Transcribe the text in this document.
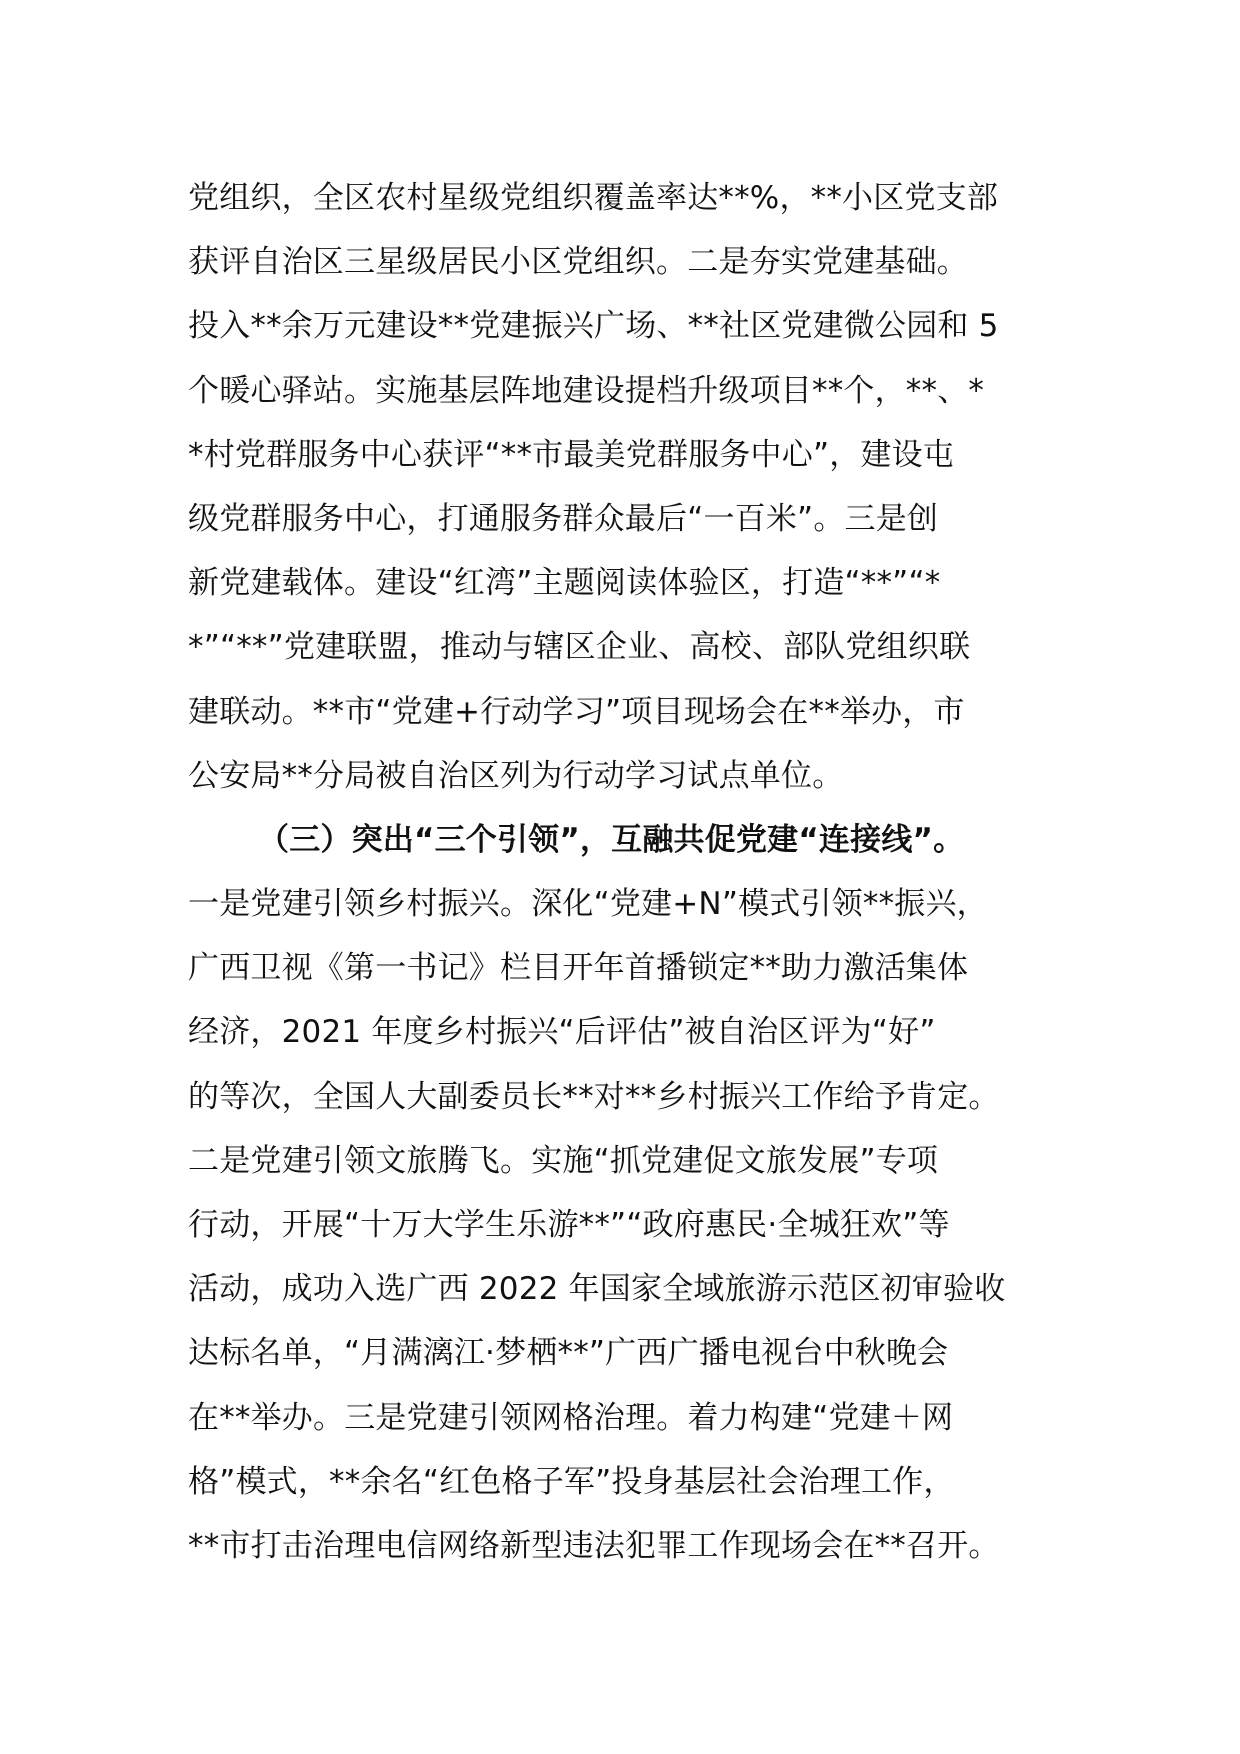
党组织，全区农村星级党组织覆盖率达**%，**小区党支部
获评自治区三星级居民小区党组织。二是夯实党建基础。
投入**余万元建设**党建振兴广场、**社区党建微公园和 5
个暖心驿站。实施基层阵地建设提档升级项目**个，**、*
*村党群服务中心获评“**市最美党群服务中心”，建设屯
级党群服务中心，打通服务群众最后“一百米”。三是创
新党建载体。建设“红湾”主题阅读体验区，打造“**”“*
*”“**”党建联盟，推动与辖区企业、高校、部队党组织联
建联动。**市“党建+行动学习”项目现场会在**举办，市
公安局**分局被自治区列为行动学习试点单位。
（三）突出“三个引领”，互融共促党建“连接线”。
一是党建引领乡村振兴。深化“党建+N”模式引领**振兴，
广西卫视《第一书记》栏目开年首播锁定**助力激活集体
经济，2021 年度乡村振兴“后评估”被自治区评为“好”
的等次，全国人大副委员长**对**乡村振兴工作给予肯定。
二是党建引领文旅腾飞。实施“抓党建促文旅发展”专项
行动，开展“十万大学生乐游**”“政府惠民·全城狂欢”等
活动，成功入选广西 2022 年国家全域旅游示范区初审验收
达标名单，“月满漓江·梦栖**”广西广播电视台中秋晚会
在**举办。三是党建引领网格治理。着力构建“党建＋网
格”模式，**余名“红色格子军”投身基层社会治理工作，
**市打击治理电信网络新型违法犯罪工作现场会在**召开。
